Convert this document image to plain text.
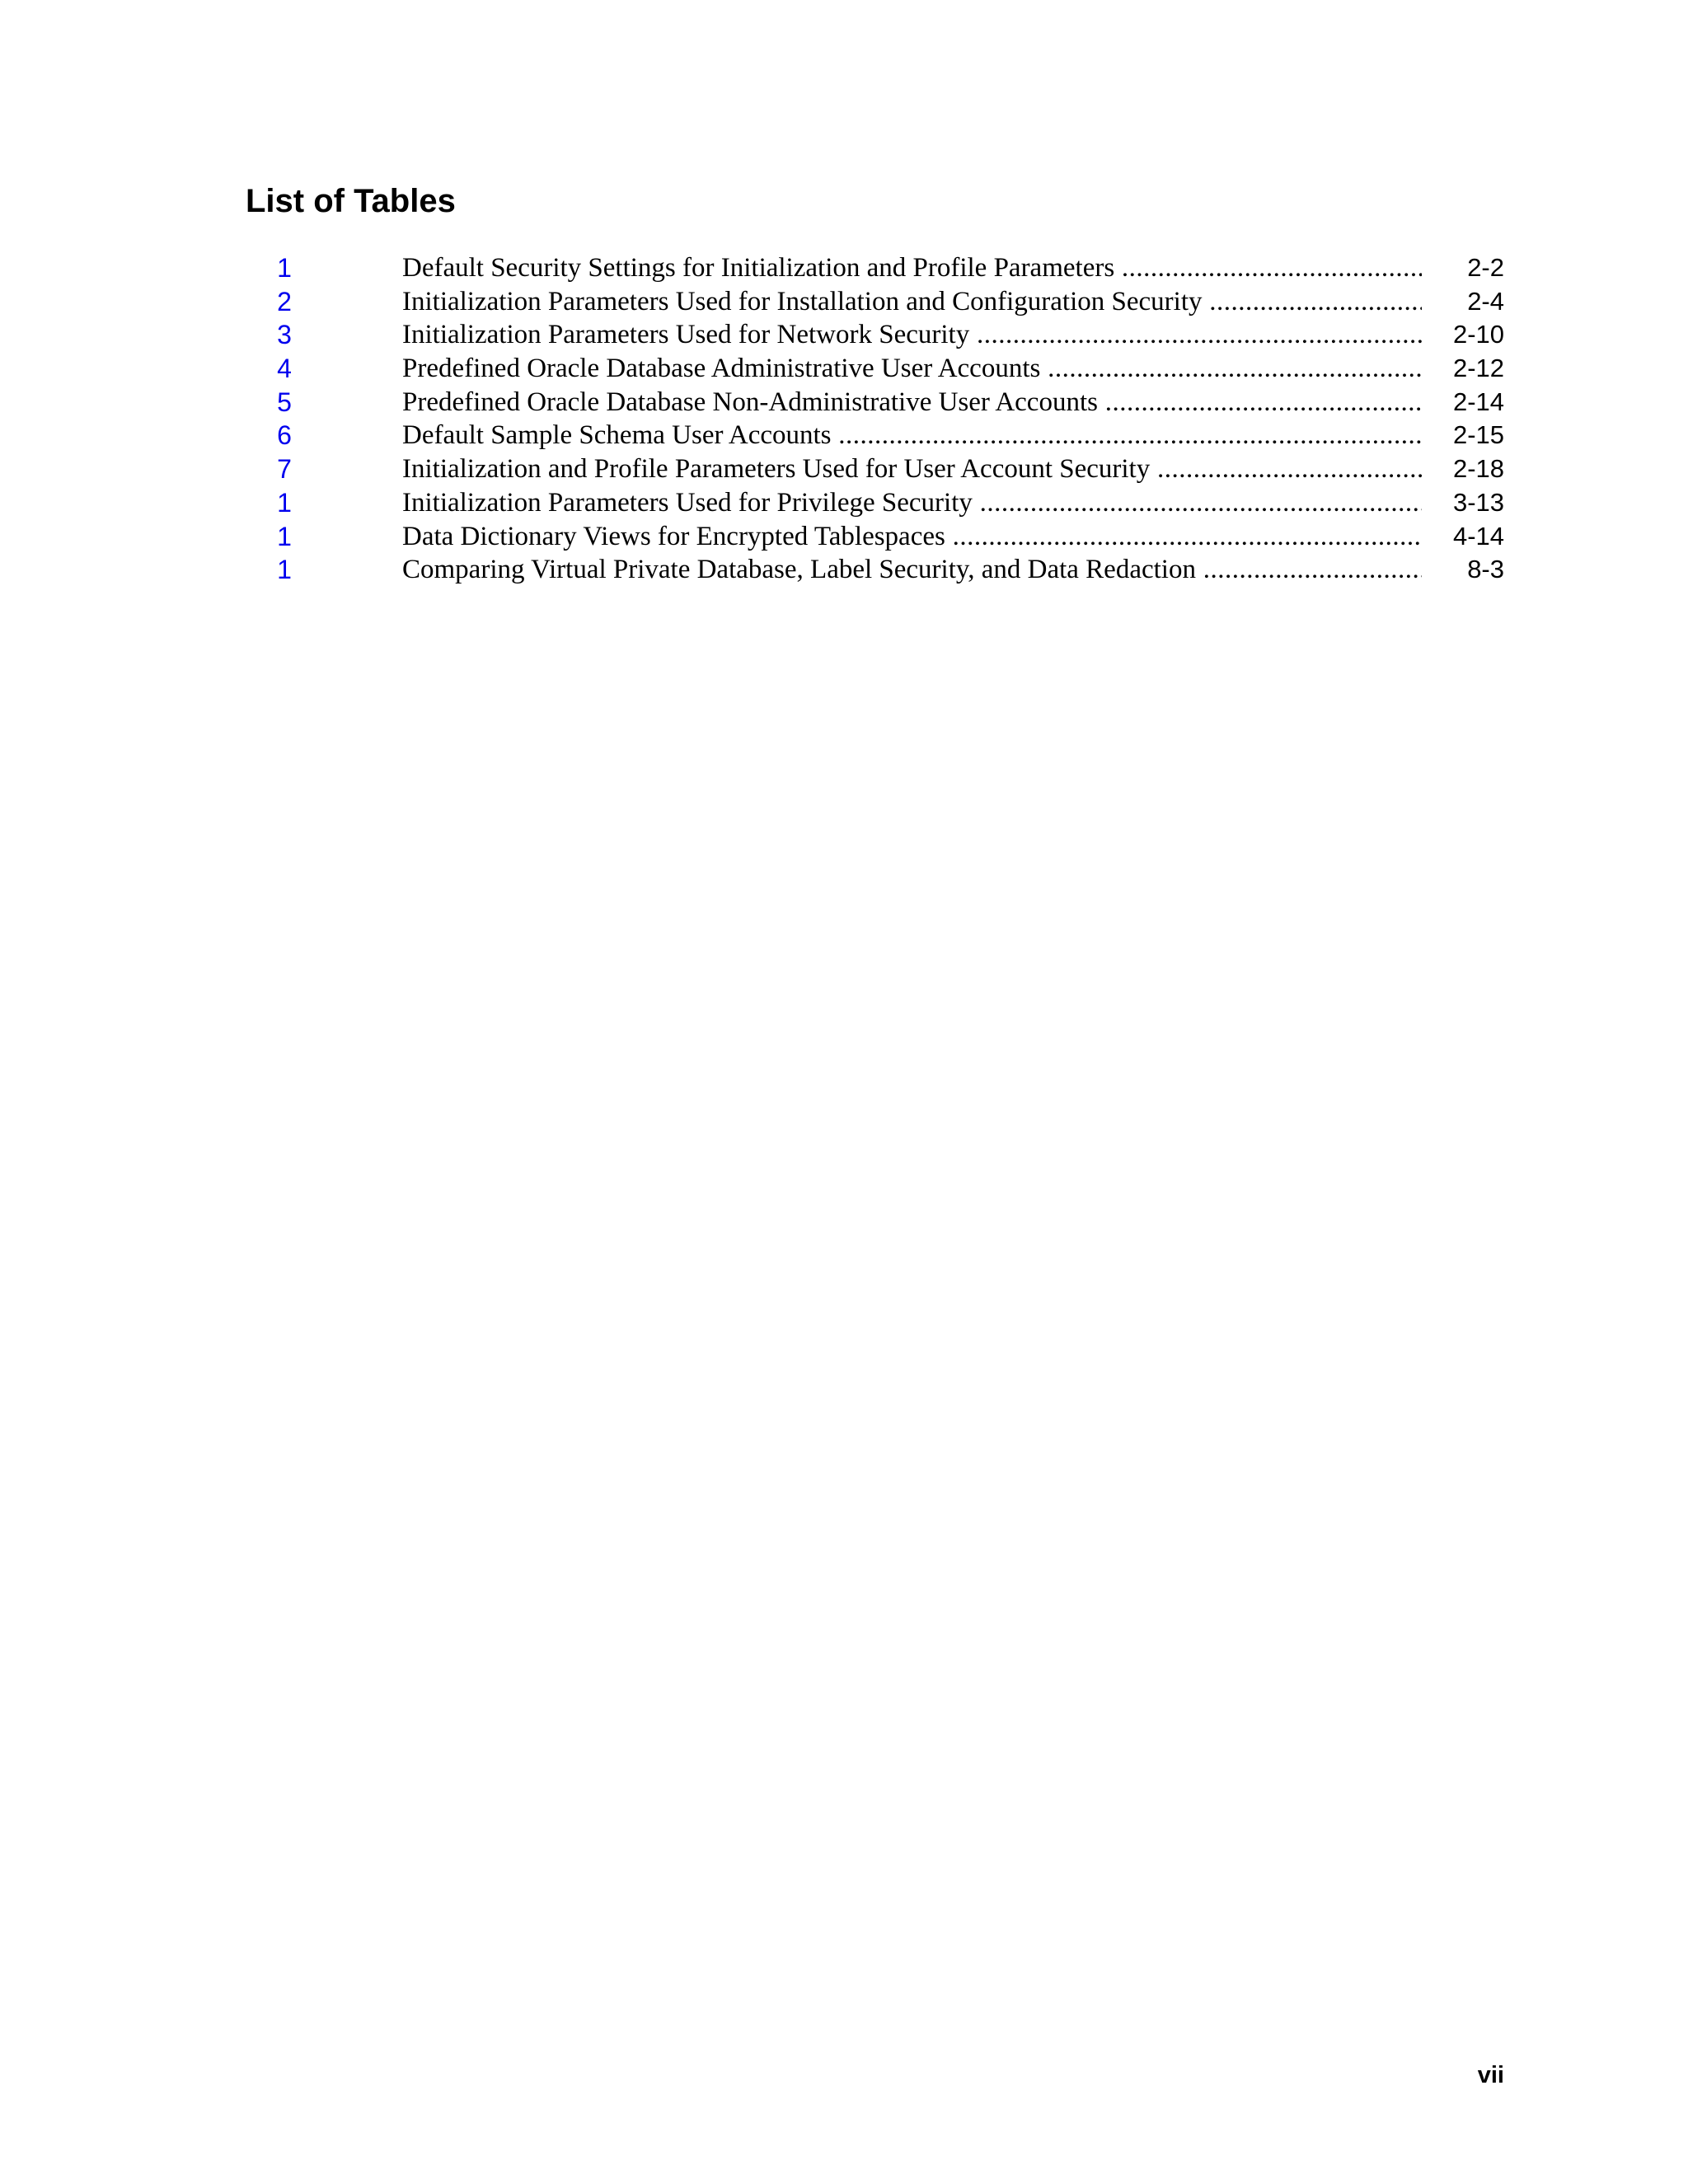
List of Tables
1	Default Security Settings for Initialization and Profile Parameters .....	2-2
2	Initialization Parameters Used for Installation and Configuration Security .....	2-4
3	Initialization Parameters Used for Network Security .....	2-10
4	Predefined Oracle Database Administrative User Accounts .....	2-12
5	Predefined Oracle Database Non-Administrative User Accounts .....	2-14
6	Default Sample Schema User Accounts .....	2-15
7	Initialization and Profile Parameters Used for User Account Security .....	2-18
1	Initialization Parameters Used for Privilege Security .....	3-13
1	Data Dictionary Views for Encrypted Tablespaces .....	4-14
1	Comparing Virtual Private Database, Label Security, and Data Redaction .....	8-3
vii
